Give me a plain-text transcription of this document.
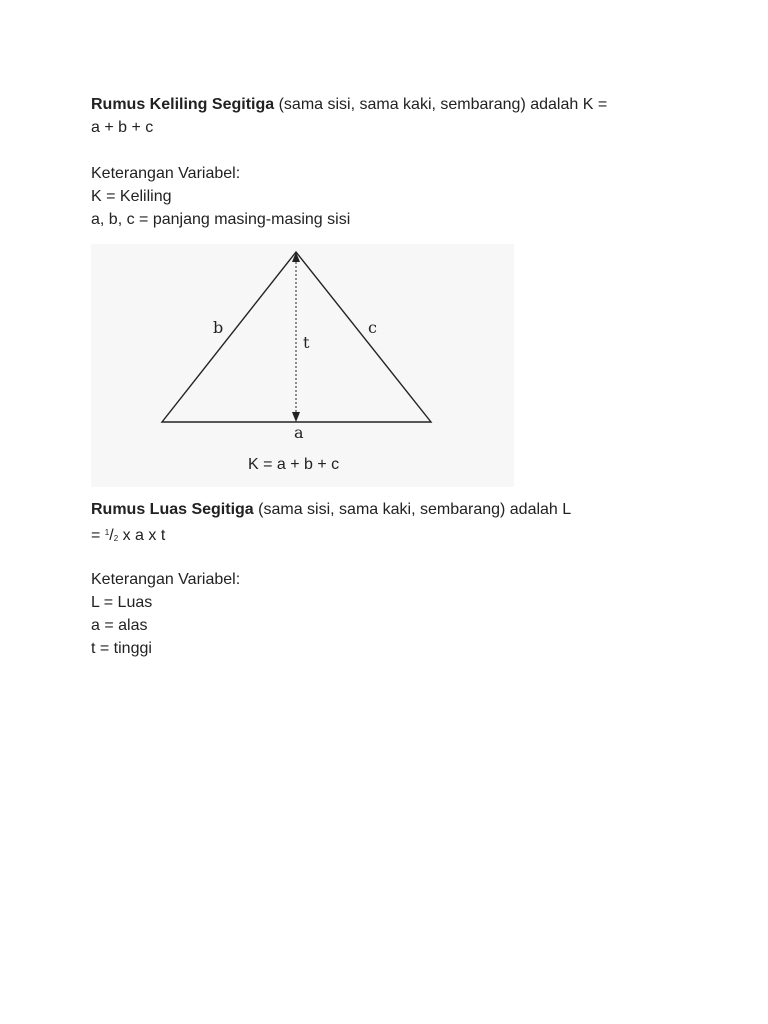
Rumus Keliling Segitiga (sama sisi, sama kaki, sembarang) adalah K =
a + b + c

Keterangan Variabel:
K = Keliling
a, b, c = panjang masing-masing sisi

b	c
t
a
K = a + b + c

Rumus Luas Segitiga (sama sisi, sama kaki, sembarang) adalah L
= $^1$/2 x a x t

Keterangan Variabel:
L = Luas
a = alas
t = tinggi
